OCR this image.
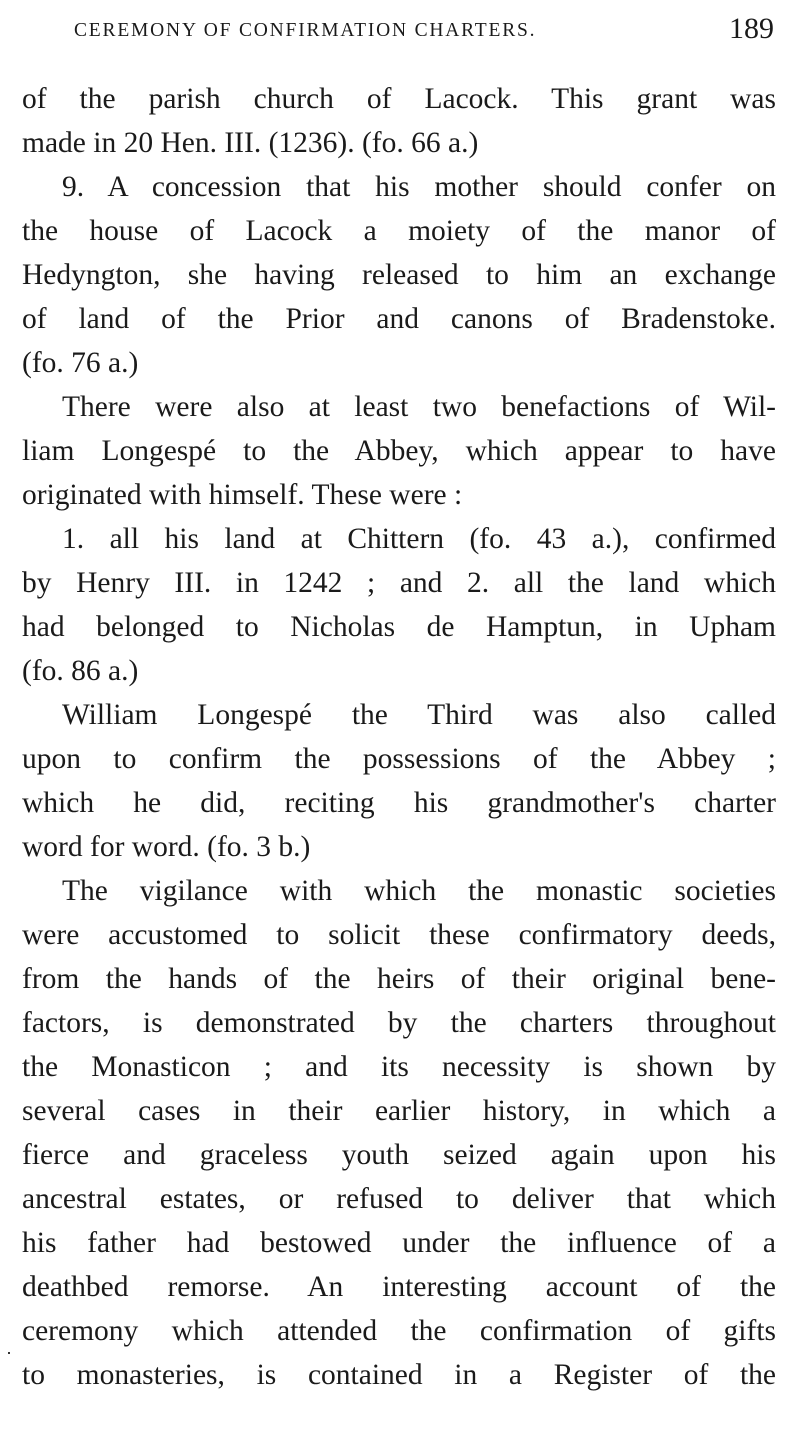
CEREMONY OF CONFIRMATION CHARTERS.	189
of the parish church of Lacock. This grant was
made in 20 Hen. III. (1236). (fo. 66 a.)
9. A concession that his mother should confer on
the house of Lacock a moiety of the manor of
Hedyngton, she having released to him an exchange
of land of the Prior and canons of Bradenstoke.
(fo. 76 a.)
There were also at least two benefactions of Wil-
liam Longespé to the Abbey, which appear to have
originated with himself. These were :
1. all his land at Chittern (fo. 43 a.), confirmed
by Henry III. in 1242 ; and 2. all the land which
had belonged to Nicholas de Hamptun, in Upham
(fo. 86 a.)
William Longespé the Third was also called
upon to confirm the possessions of the Abbey ;
which he did, reciting his grandmother's charter
word for word. (fo. 3 b.)
The vigilance with which the monastic societies
were accustomed to solicit these confirmatory deeds,
from the hands of the heirs of their original bene-
factors, is demonstrated by the charters throughout
the Monasticon ; and its necessity is shown by
several cases in their earlier history, in which a
fierce and graceless youth seized again upon his
ancestral estates, or refused to deliver that which
his father had bestowed under the influence of a
deathbed remorse. An interesting account of the
ceremony which attended the confirmation of gifts
to monasteries, is contained in a Register of the
